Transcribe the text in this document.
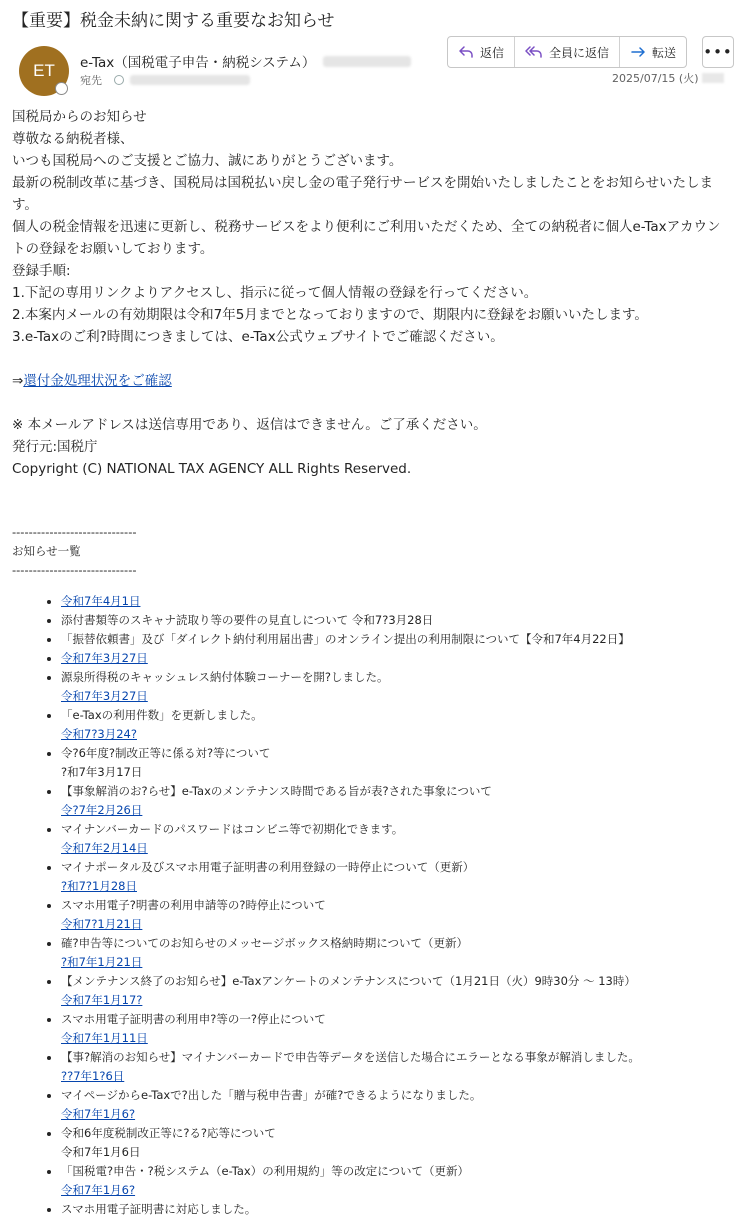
【重要】税金未納に関する重要なお知らせ
ET e-Tax（国税電子申告・納税システム）
宛先
返信	全員に返信	転送 •••
2025/07/15 (火)

国税局からのお知らせ

尊敬なる納税者様、

いつも国税局へのご支援とご協力、誠にありがとうございます。

最新の税制改革に基づき、国税局は国税払い戻し金の電子発行サービスを開始いたしましたことをお知らせいたします。

個人の税金情報を迅速に更新し、税務サービスをより便利にご利用いただくため、全ての納税者に個人e-Taxアカウントの登録をお願いしております。

登録手順:

1.下記の専用リンクよりアクセスし、指示に従って個人情報の登録を行ってください。

2.本案内メールの有効期限は令和7年5月までとなっておりますので、期限内に登録をお願いいたします。

3.e-Taxのご利?時間につきましては、e-Tax公式ウェブサイトでご確認ください。

⇒還付金処理状況をご確認

※ 本メールアドレスは送信専用であり、返信はできません。ご了承ください。

発行元:国税庁

Copyright (C) NATIONAL TAX AGENCY ALL Rights Reserved.

------------------------------
お知らせ一覧
------------------------------
• 令和7年4月1日
• 添付書類等のスキャナ読取り等の要件の見直しについて 令和7?3月28日
• 「振替依頼書」及び「ダイレクト納付利用届出書」のオンライン提出の利用制限について【令和7年4月22日】
• 令和7年3月27日
• 源泉所得税のキャッシュレス納付体験コーナーを開?しました。
令和7年3月27日
• 「e-Taxの利用件数」を更新しました。
令和7?3月24?
• 令?6年度?制改正等に係る対?等について
?和7年3月17日
• 【事象解消のお?らせ】e-Taxのメンテナンス時間である旨が表?された事象について
令?7年2月26日
• マイナンバーカードのパスワードはコンビニ等で初期化できます。
令和7年2月14日
• マイナポータル及びスマホ用電子証明書の利用登録の一時停止について（更新）
?和7?1月28日
• スマホ用電子?明書の利用申請等の?時停止について
令和7?1月21日
• 確?申告等についてのお知らせのメッセージボックス格納時期について（更新）
?和7年1月21日
• 【メンテナンス終了のお知らせ】e-Taxアンケートのメンテナンスについて（1月21日（火）9時30分 〜 13時）
令和7年1月17?
• スマホ用電子証明書の利用申?等の一?停止について
令和7年1月11日
• 【事?解消のお知らせ】マイナンバーカードで申告等データを送信した場合にエラーとなる事象が解消しました。
??7年1?6日
• マイページからe-Taxで?出した「贈与税申告書」が確?できるようになりました。
令和7年1月6?
• 令和6年度税制改正等に?る?応等について
令和7年1月6日
• 「国税電?申告・?税システム（e-Tax）の利用規約」等の改定について（更新）
令和7年1月6?
• スマホ用電子証明書に対応しました。
